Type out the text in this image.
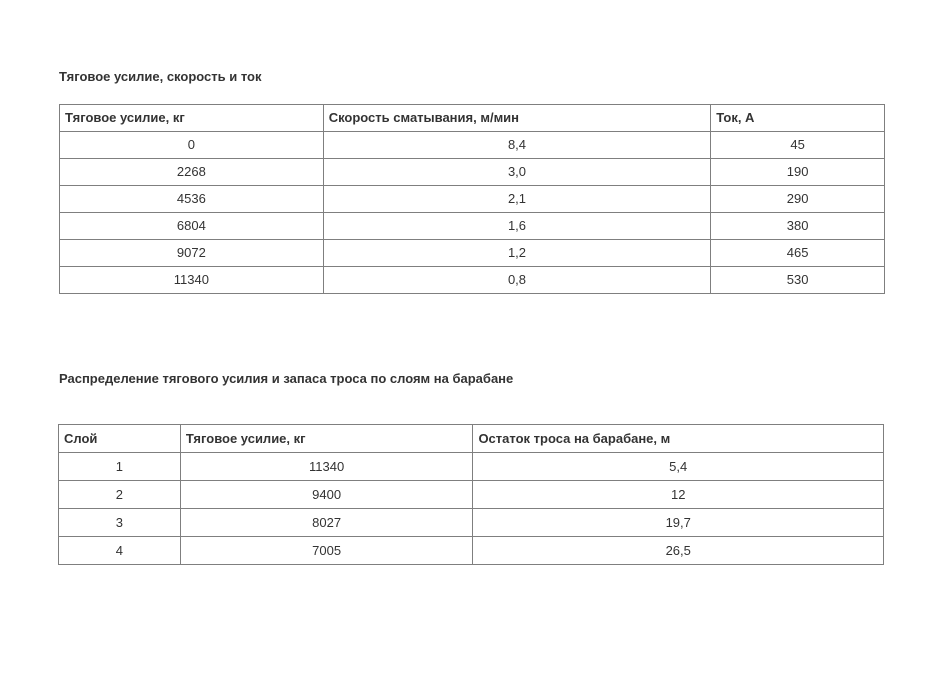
Тяговое усилие, скорость и ток
Тяговое усилие, кг	Скорость сматывания, м/мин	Ток, А
0	8,4	45
2268	3,0	190
4536	2,1	290
6804	1,6	380
9072	1,2	465
11340	0,8	530
Распределение тягового усилия и запаса троса по слоям на барабане
Слой	Тяговое усилие, кг	Остаток троса на барабане, м
1	11340	5,4
2	9400	12
3	8027	19,7
4	7005	26,5
